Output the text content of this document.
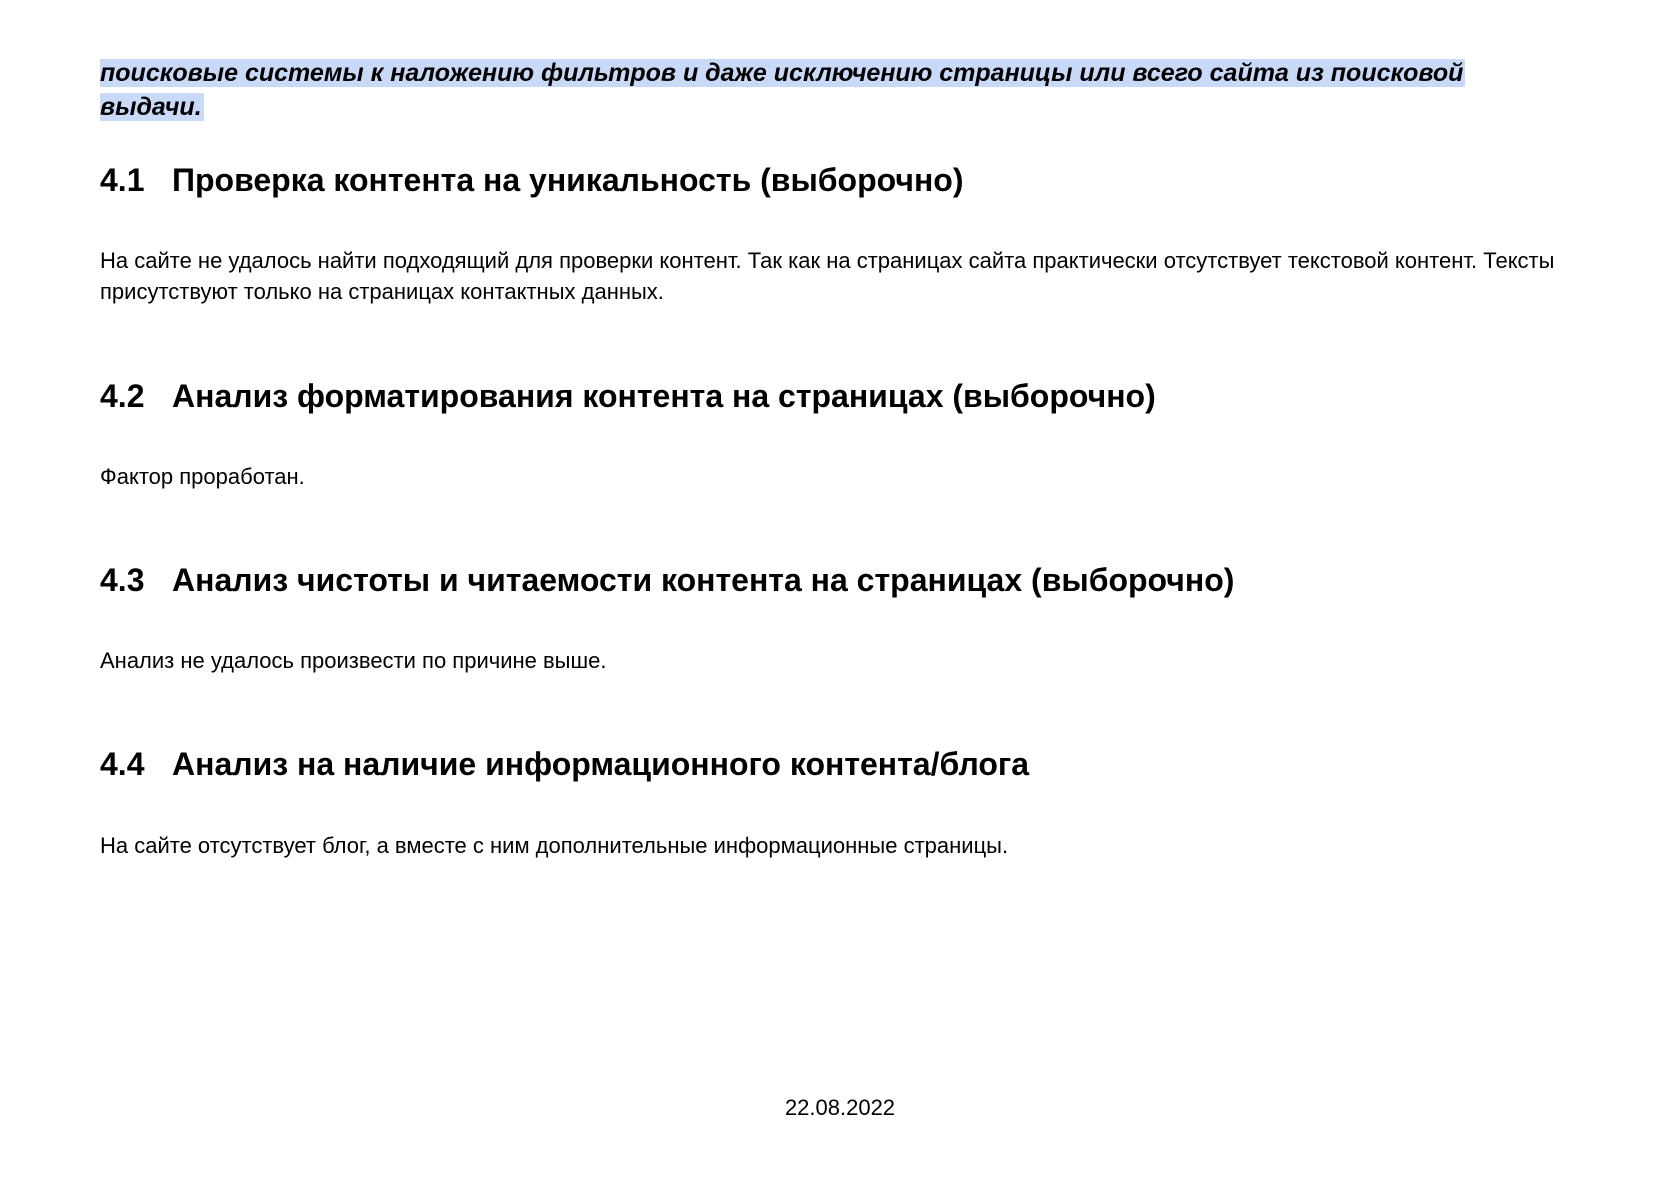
поисковые системы к наложению фильтров и даже исключению страницы или всего сайта из поисковой выдачи.
4.1 Проверка контента на уникальность (выборочно)
На сайте не удалось найти подходящий для проверки контент. Так как на страницах сайта практически отсутствует текстовой контент. Тексты присутствуют только на страницах контактных данных.
4.2 Анализ форматирования контента на страницах (выборочно)
Фактор проработан.
4.3 Анализ чистоты и читаемости контента на страницах (выборочно)
Анализ не удалось произвести по причине выше.
4.4 Анализ на наличие информационного контента/блога
На сайте отсутствует блог, а вместе с ним дополнительные информационные страницы.
22.08.2022
